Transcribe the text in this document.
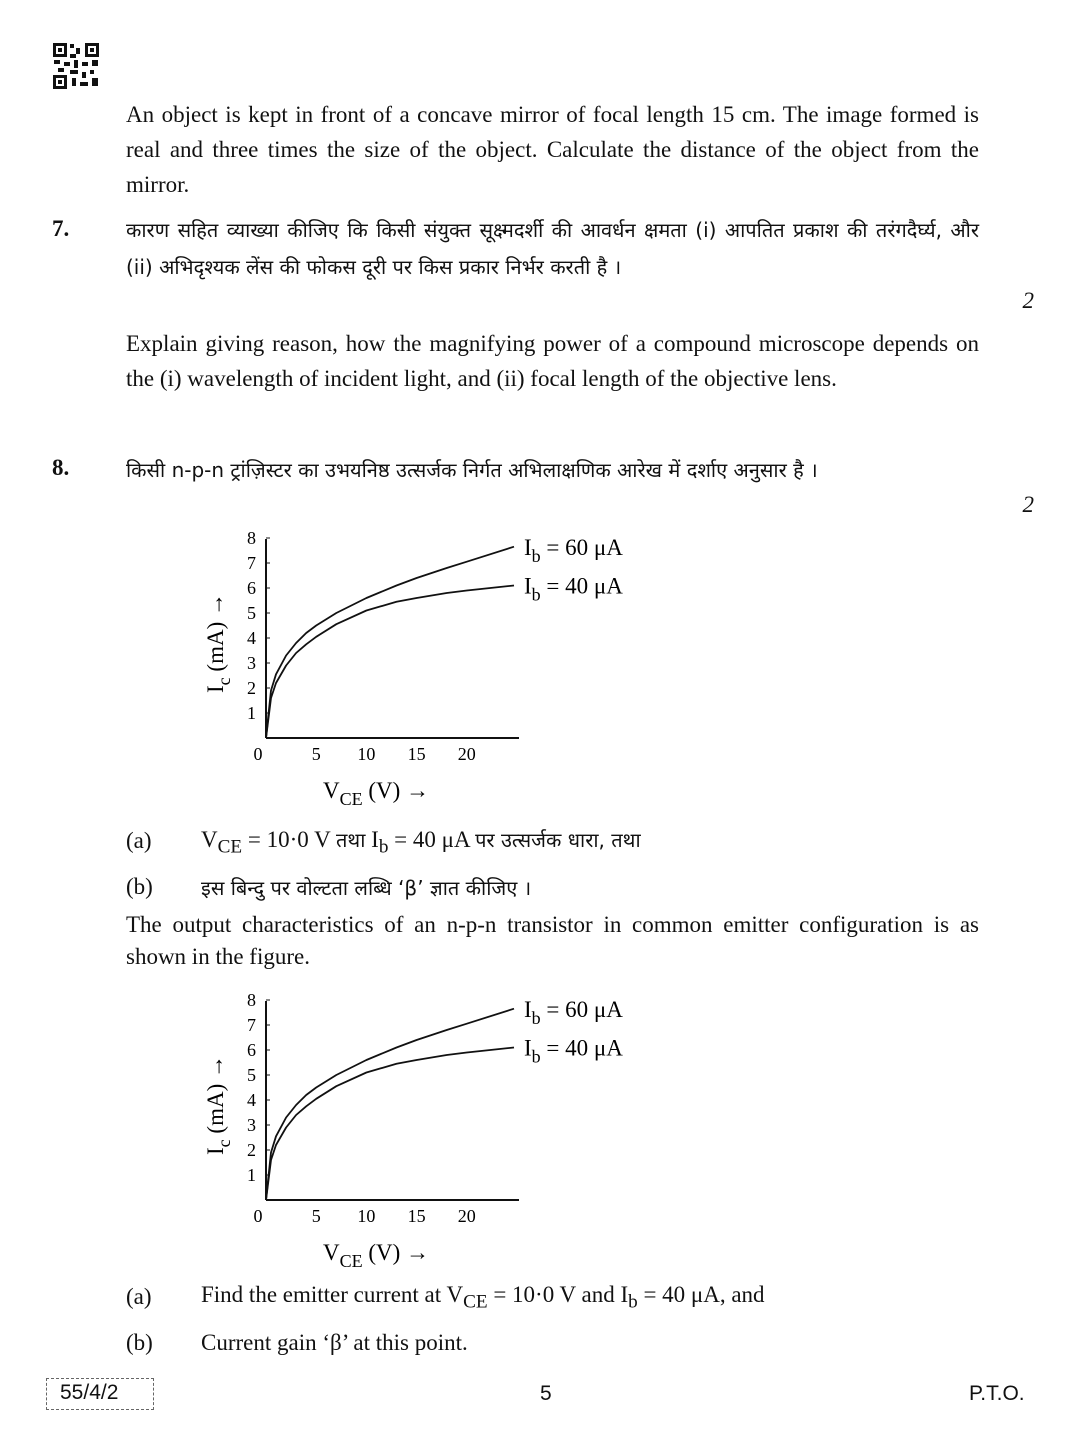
An object is kept in front of a concave mirror of focal length 15 cm. The image formed is real and three times the size of the object. Calculate the distance of the object from the mirror.
7.	कारण सहित व्याख्या कीजिए कि किसी संयुक्त सूक्ष्मदर्शी की आवर्धन क्षमता (i) आपतित प्रकाश की तरंगदैर्घ्य, और (ii) अभिदृश्यक लेंस की फोकस दूरी पर किस प्रकार निर्भर करती है ।
2
Explain giving reason, how the magnifying power of a compound microscope depends on the (i) wavelength of incident light, and (ii) focal length of the objective lens.
8.	किसी n-p-n ट्रांज़िस्टर का उभयनिष्ठ उत्सर्जक निर्गत अभिलाक्षणिक आरेख में दर्शाए अनुसार है ।
2
1
2
3
4
5
6
7
8
0	5 10 15 20
$V_{CE}$ (V) →
$I_c$ (mA) →
$I_b = 60$ μA
$I_b = 40$ μA
(a) $V_{CE} = 10\cdot 0$ V तथा $I_b = 40$ μA पर उत्सर्जक धारा, तथा
(b) इस बिन्दु पर वोल्टता लब्धि ‘β’ ज्ञात कीजिए ।
The output characteristics of an n-p-n transistor in common emitter configuration is as shown in the figure.
1
2
3
4
5
6
7
8
0	5 10 15 20
$V_{CE}$ (V) →
$I_c$ (mA) →
$I_b = 60$ μA
$I_b = 40$ μA
(a) Find the emitter current at $V_{CE} = 10\cdot 0$ V and $I_b = 40$ μA, and
(b) Current gain ‘β’ at this point.
55/4/2	5	P.T.O.
